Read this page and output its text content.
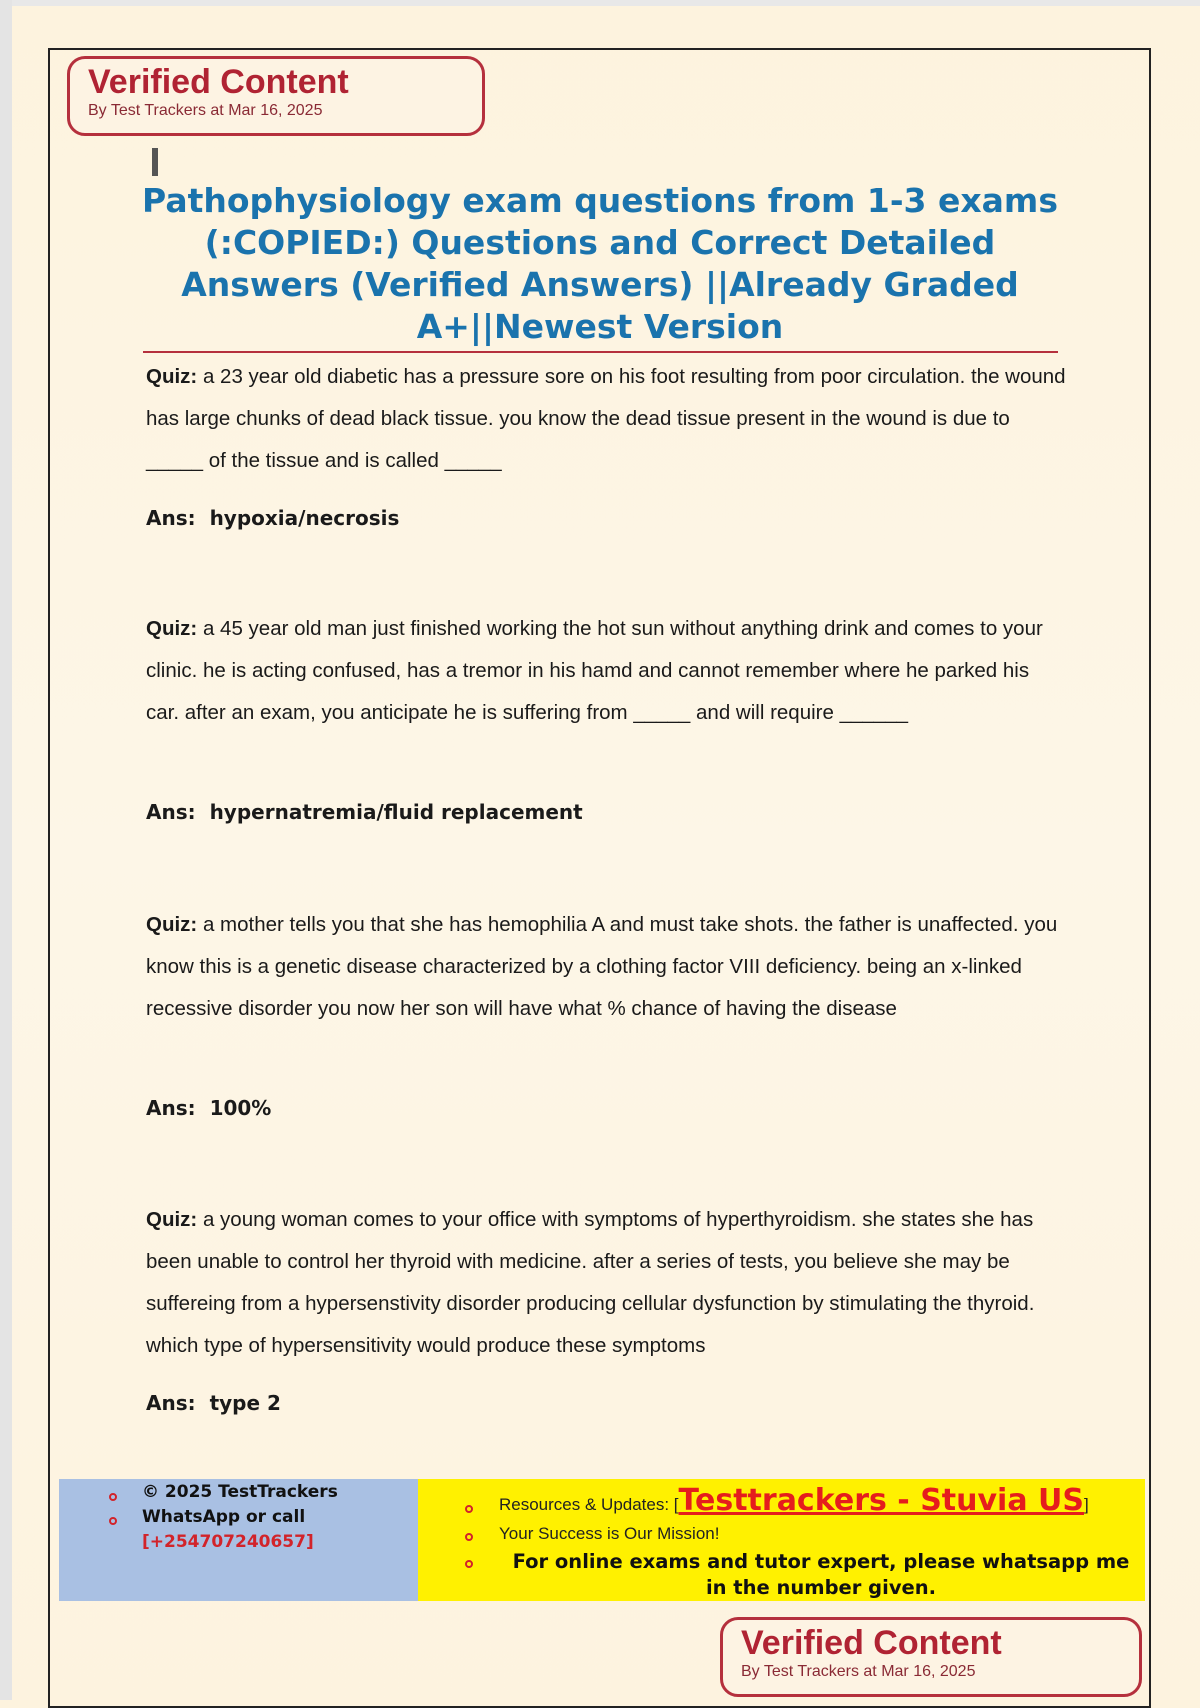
Verified Content
By Test Trackers at Mar 16, 2025
Pathophysiology exam questions from 1-3 exams (:COPIED:) Questions and Correct Detailed Answers (Verified Answers) ||Already Graded A+||Newest Version

Quiz: a 23 year old diabetic has a pressure sore on his foot resulting from poor circulation. the wound has large chunks of dead black tissue. you know the dead tissue present in the wound is due to _____ of the tissue and is called _____

Ans: hypoxia/necrosis

Quiz: a 45 year old man just finished working the hot sun without anything drink and comes to your clinic. he is acting confused, has a tremor in his hamd and cannot remember where he parked his car. after an exam, you anticipate he is suffering from _____ and will require ______

Ans: hypernatremia/fluid replacement

Quiz: a mother tells you that she has hemophilia A and must take shots. the father is unaffected. you know this is a genetic disease characterized by a clothing factor VIII deficiency. being an x-linked recessive disorder you now her son will have what % chance of having the disease

Ans: 100%

Quiz: a young woman comes to your office with symptoms of hyperthyroidism. she states she has been unable to control her thyroid with medicine. after a series of tests, you believe she may be suffereing from a hypersenstivity disorder producing cellular dysfunction by stimulating the thyroid. which type of hypersensitivity would produce these symptoms

Ans: type 2

© 2025 TestTrackers
WhatsApp or call
[+254707240657]
Resources & Updates: [Testtrackers - Stuvia US]
Your Success is Our Mission!
For online exams and tutor expert, please whatsapp me in the number given.
Verified Content
By Test Trackers at Mar 16, 2025
